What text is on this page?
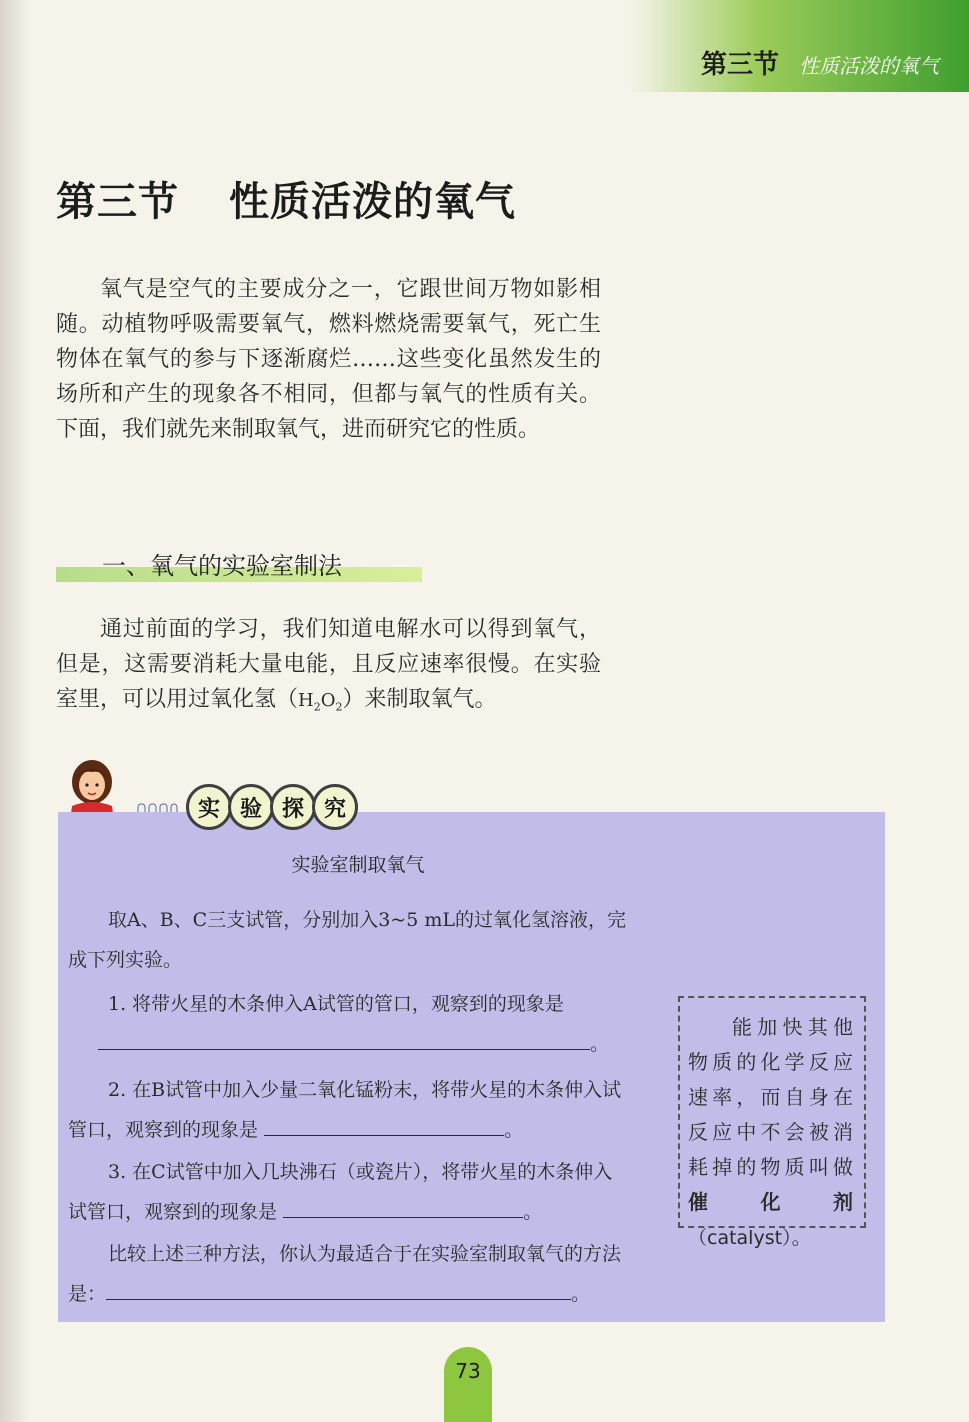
第三节 性质活泼的氧气
第三节 性质活泼的氧气

氧气是空气的主要成分之一，它跟世间万物如影相随。动植物呼吸需要氧气，燃料燃烧需要氧气，死亡生物体在氧气的参与下逐渐腐烂……这些变化虽然发生的场所和产生的现象各不相同，但都与氧气的性质有关。下面，我们就先来制取氧气，进而研究它的性质。

一、氧气的实验室制法

通过前面的学习，我们知道电解水可以得到氧气，但是，这需要消耗大量电能，且反应速率很慢。在实验室里，可以用过氧化氢$(H_2O_2)$来制取氧气。

实验室制取氧气

取A、B、C三支试管，分别加入3~5 mL的过氧化氢溶液，完成下列实验。

1. 将带火星的木条伸入A试管的管口，观察到的现象是
。

2. 在B试管中加入少量二氧化锰粉末，将带火星的木条伸入试管口，观察到的现象是	。

3. 在C试管中加入几块沸石（或瓷片），将带火星的木条伸入试管口，观察到的现象是	。

比较上述三种方法，你认为最适合于在实验室制取氧气的方法是：	。

实 验 探 究
能加快其他物质的化学反应速率，而自身在反应中不会被消耗掉的物质叫做催化剂（catalyst）。
73
